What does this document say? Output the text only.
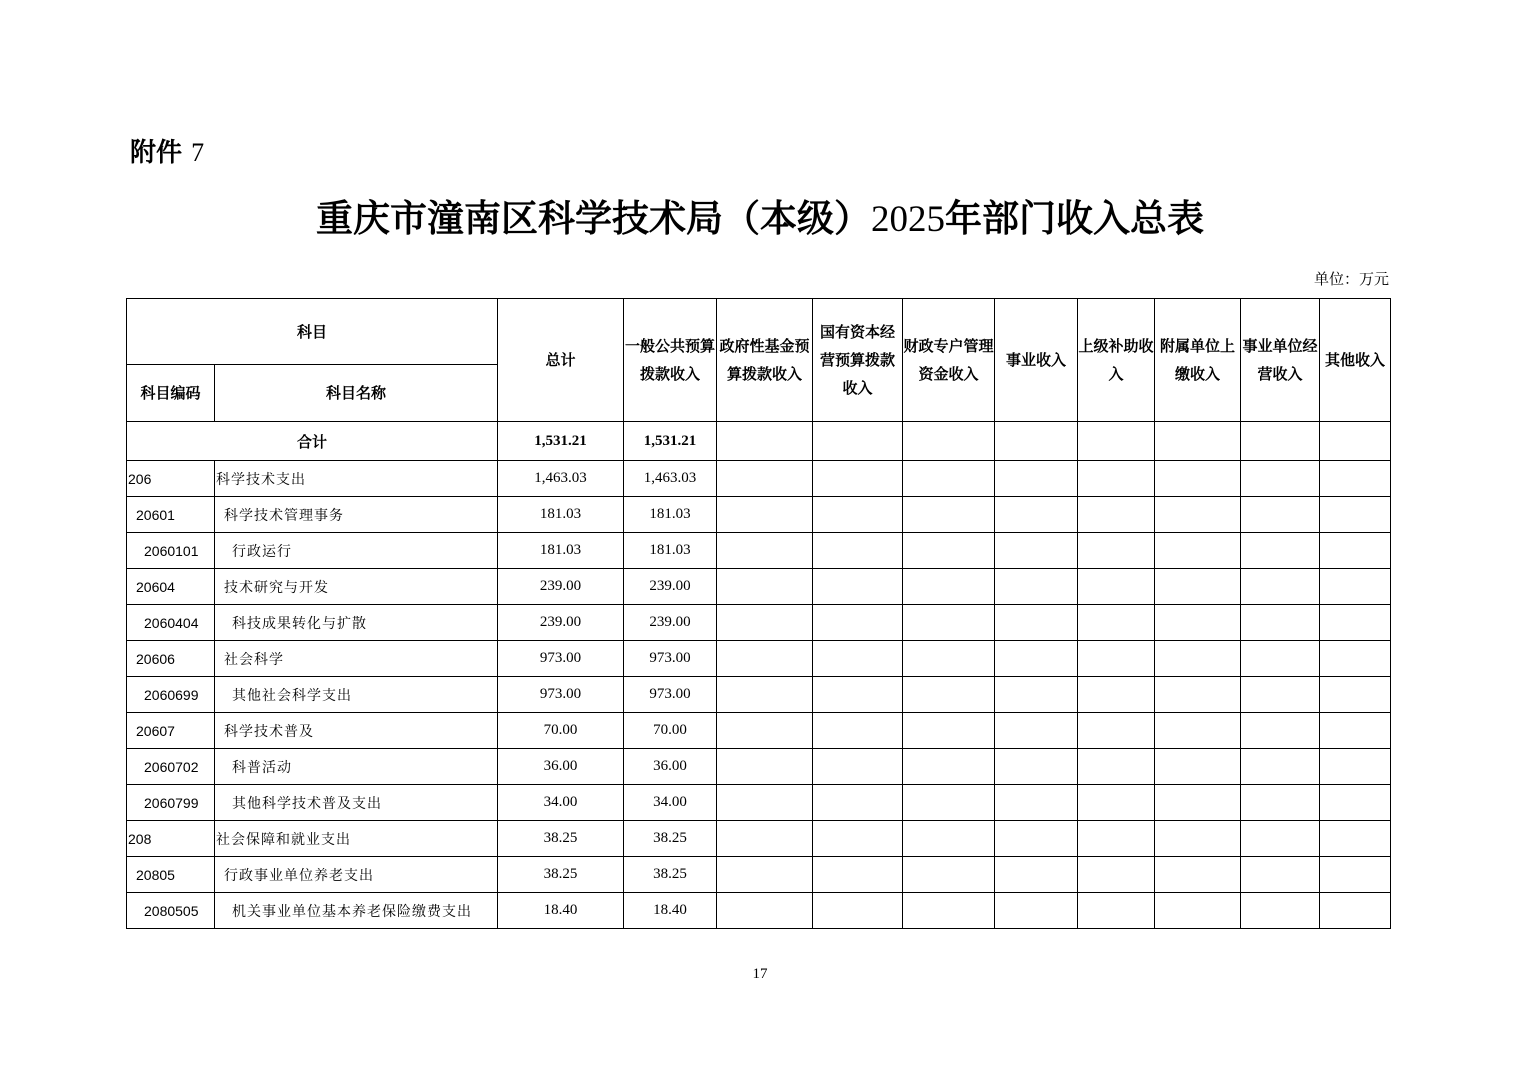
附件 7
重庆市潼南区科学技术局（本级）2025年部门收入总表
单位：万元
科目		总计	一般公共预算拨款收入	政府性基金预算拨款收入	国有资本经营预算拨款收入	财政专户管理资金收入	事业收入	上级补助收入	附属单位上缴收入	事业单位经营收入	其他收入
科目编码	科目名称										
合计		1,531.21	1,531.21								
206	科学技术支出	1,463.03	1,463.03								
20601	科学技术管理事务	181.03	181.03								
2060101	行政运行	181.03	181.03								
20604	技术研究与开发	239.00	239.00								
2060404	科技成果转化与扩散	239.00	239.00								
20606	社会科学	973.00	973.00								
2060699	其他社会科学支出	973.00	973.00								
20607	科学技术普及	70.00	70.00								
2060702	科普活动	36.00	36.00								
2060799	其他科学技术普及支出	34.00	34.00								
208	社会保障和就业支出	38.25	38.25								
20805	行政事业单位养老支出	38.25	38.25								
2080505	机关事业单位基本养老保险缴费支出	18.40	18.40								
17
